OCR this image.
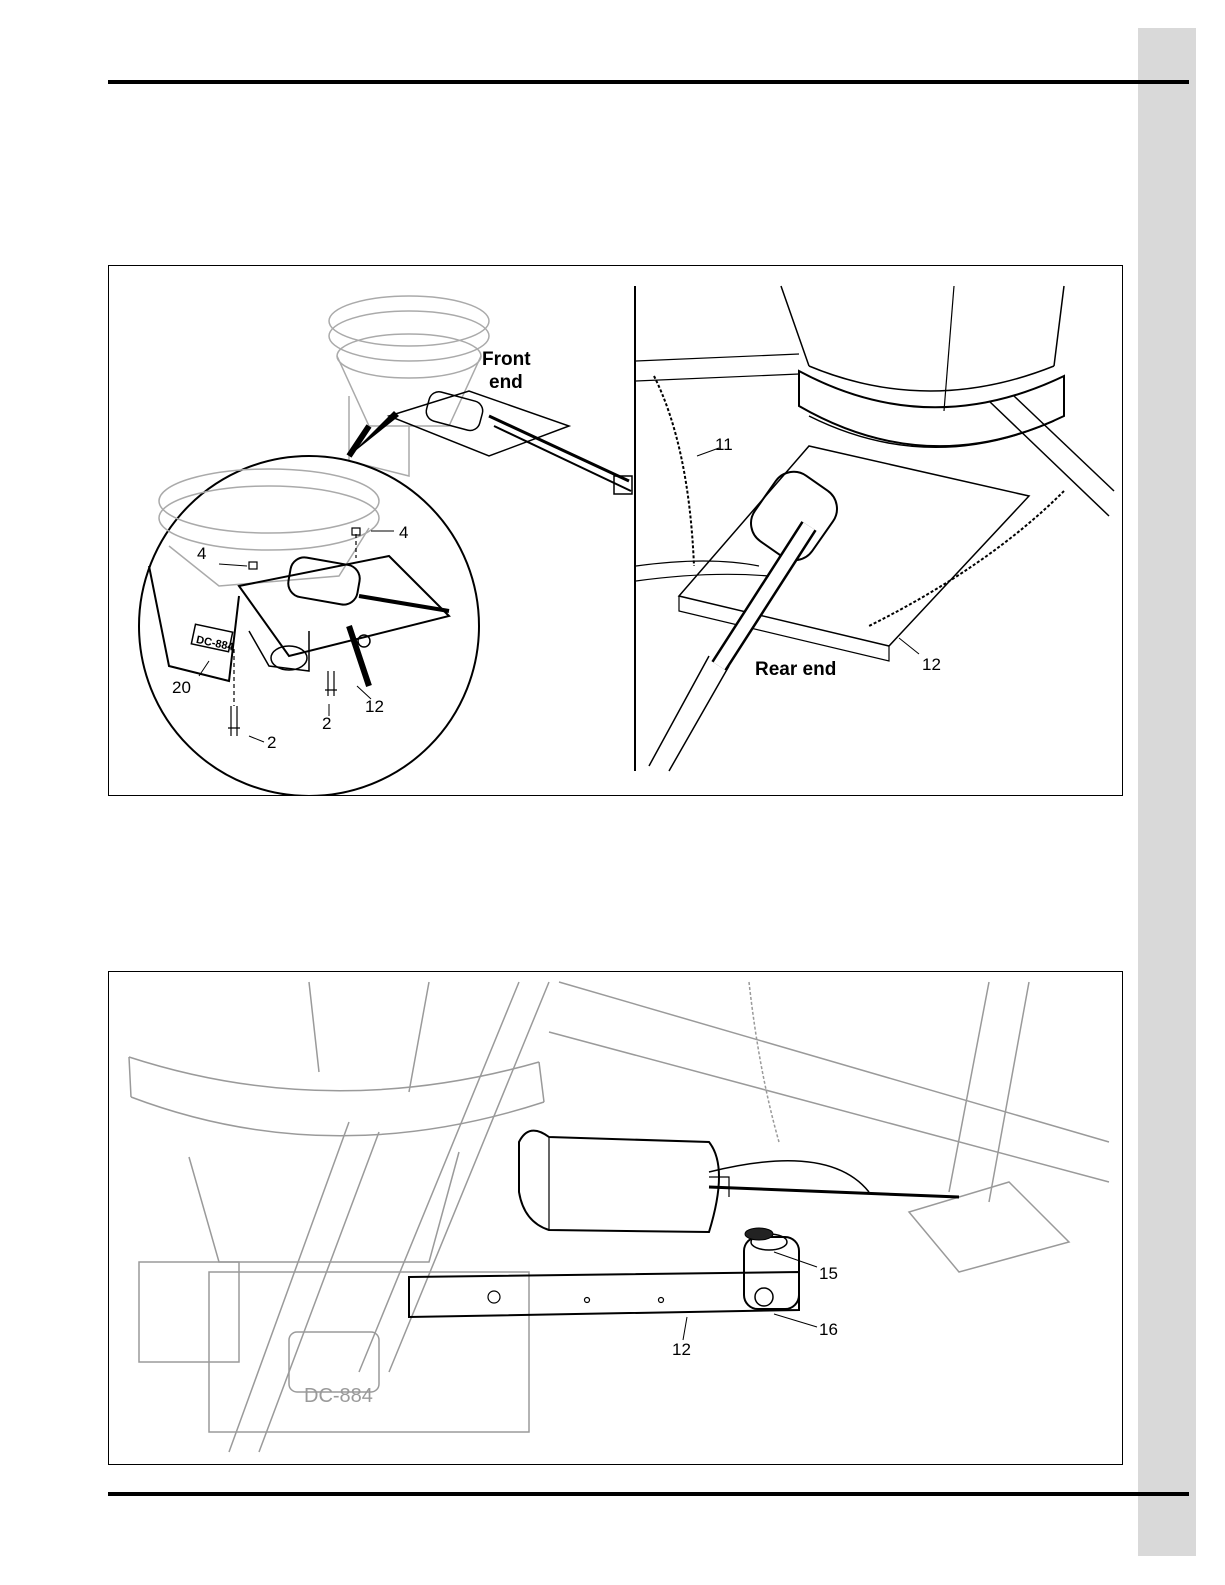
Front
end
4
4
20
2
2
12
DC-884
11
Rear end	12
DC-884
15
16
12
